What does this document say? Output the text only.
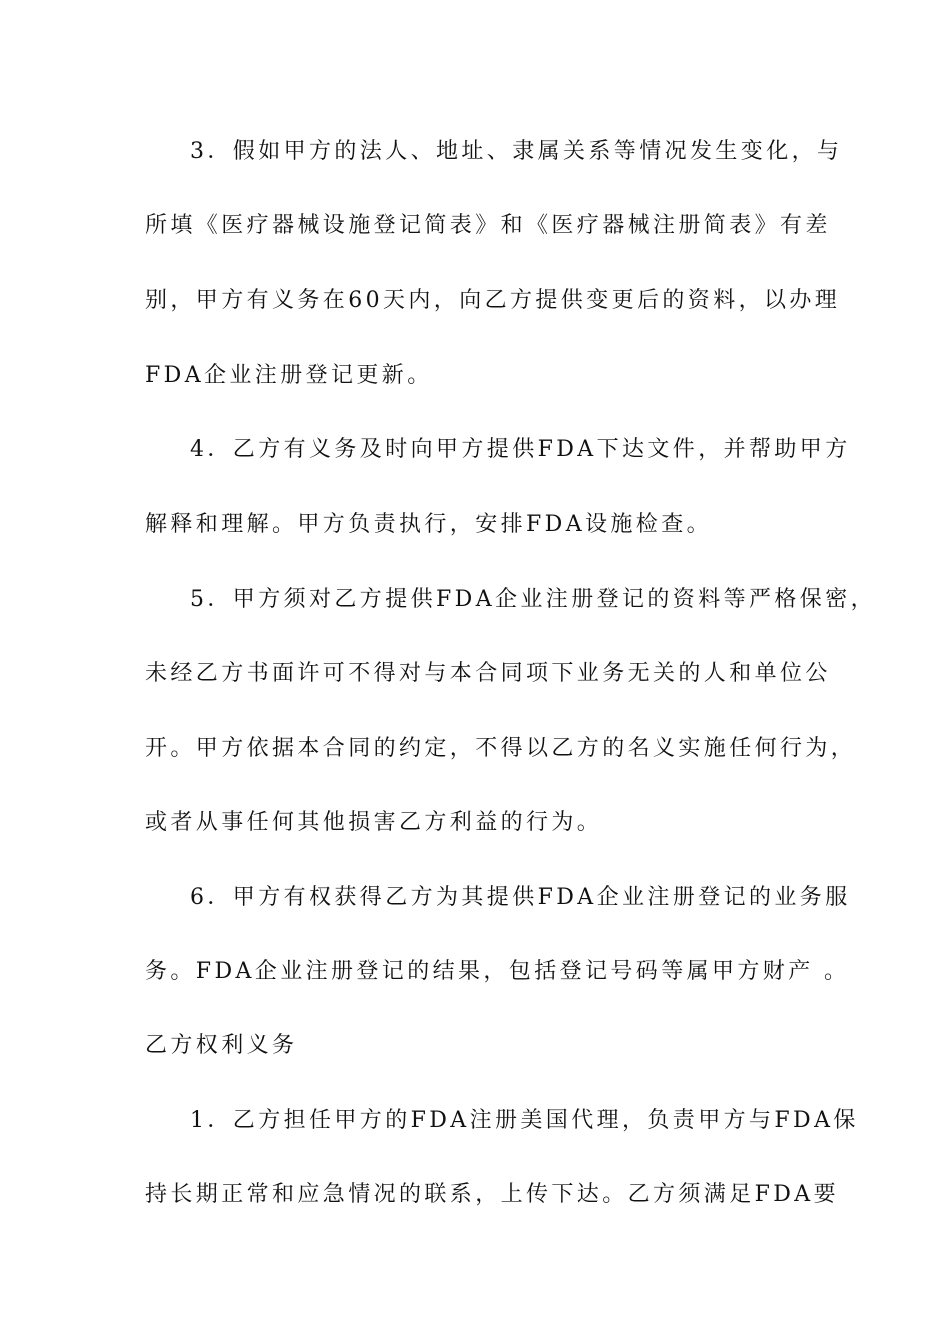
3．假如甲方的法人、地址、隶属关系等情况发生变化，与
所填《医疗器械设施登记简表》和《医疗器械注册简表》有差
别，甲方有义务在60天内，向乙方提供变更后的资料，以办理
FDA企业注册登记更新。
4．乙方有义务及时向甲方提供FDA下达文件，并帮助甲方
解释和理解。甲方负责执行，安排FDA设施检查。
5．甲方须对乙方提供FDA企业注册登记的资料等严格保密，
未经乙方书面许可不得对与本合同项下业务无关的人和单位公
开。甲方依据本合同的约定，不得以乙方的名义实施任何行为，
或者从事任何其他损害乙方利益的行为。
6．甲方有权获得乙方为其提供FDA企业注册登记的业务服
务。FDA企业注册登记的结果，包括登记号码等属甲方财产 。
乙方权利义务
1．乙方担任甲方的FDA注册美国代理，负责甲方与FDA保
持长期正常和应急情况的联系，上传下达。乙方须满足FDA要
